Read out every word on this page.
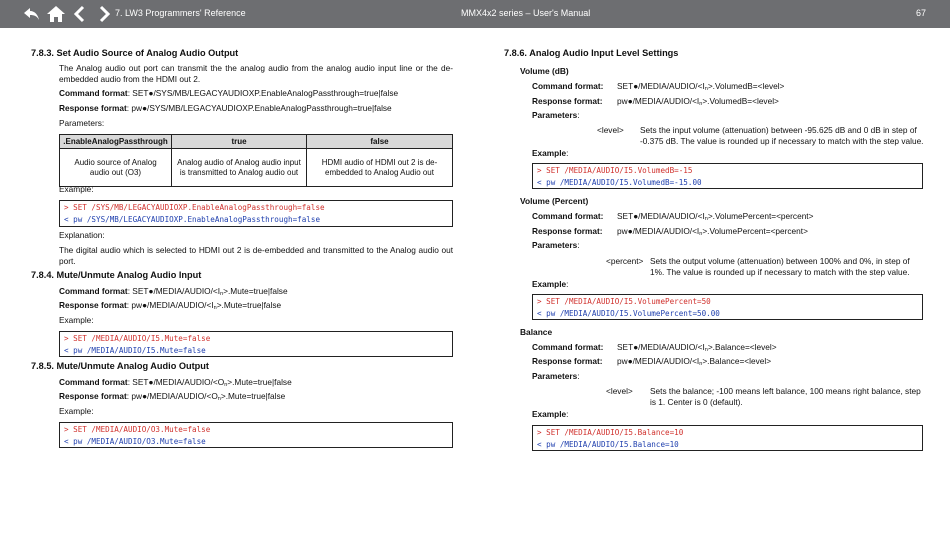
7. LW3 Programmers' Reference	MMX4x2 series – User's Manual	67
7.8.3. Set Audio Source of Analog Audio Output
The Analog audio out port can transmit the the analog audio from the analog audio input line or the de-embedded audio from the HDMI out 2.
Command format: SET●/SYS/MB/LEGACYAUDIOXP.EnableAnalogPassthrough=true|false
Response format: pw●/SYS/MB/LEGACYAUDIOXP.EnableAnalogPassthrough=true|false
Parameters:
.EnableAnalogPassthrough	true	false
Audio source of Analog audio out (O3)	Analog audio of Analog audio input is transmitted to Analog audio out	HDMI audio of HDMI out 2 is de-embedded to Analog Audio out
Example:
> SET /SYS/MB/LEGACYAUDIOXP.EnableAnalogPassthrough=false
< pw /SYS/MB/LEGACYAUDIOXP.EnableAnalogPassthrough=false
Explanation:
The digital audio which is selected to HDMI out 2 is de-embedded and transmitted to the Analog audio out port.
7.8.4. Mute/Unmute Analog Audio Input
Command format: SET●/MEDIA/AUDIO/<In>.Mute=true|false
Response format: pw●/MEDIA/AUDIO/<In>.Mute=true|false
Example:
> SET /MEDIA/AUDIO/I5.Mute=false
< pw /MEDIA/AUDIO/I5.Mute=false
7.8.5. Mute/Unmute Analog Audio Output
Command format: SET●/MEDIA/AUDIO/<On>.Mute=true|false
Response format: pw●/MEDIA/AUDIO/<On>.Mute=true|false
Example:
> SET /MEDIA/AUDIO/O3.Mute=false
< pw /MEDIA/AUDIO/O3.Mute=false
7.8.6. Analog Audio Input Level Settings
Volume (dB)
Command format: SET●/MEDIA/AUDIO/<In>.VolumedB=<level>
Response format: pw●/MEDIA/AUDIO/<In>.VolumedB=<level>
Parameters:
<level> Sets the input volume (attenuation) between -95.625 dB and 0 dB in step of -0.375 dB. The value is rounded up if necessary to match with the step value.
Example:
> SET /MEDIA/AUDIO/I5.VolumedB=-15
< pw /MEDIA/AUDIO/I5.VolumedB=-15.00
Volume (Percent)
Command format: SET●/MEDIA/AUDIO/<In>.VolumePercent=<percent>
Response format: pw●/MEDIA/AUDIO/<In>.VolumePercent=<percent>
Parameters:
<percent> Sets the output volume (attenuation) between 100% and 0%, in step of 1%. The value is rounded up if necessary to match with the step value.
Example:
> SET /MEDIA/AUDIO/I5.VolumePercent=50
< pw /MEDIA/AUDIO/I5.VolumePercent=50.00
Balance
Command format: SET●/MEDIA/AUDIO/<In>.Balance=<level>
Response format: pw●/MEDIA/AUDIO/<In>.Balance=<level>
Parameters:
<level> Sets the balance; -100 means left balance, 100 means right balance, step is 1. Center is 0 (default).
Example:
> SET /MEDIA/AUDIO/I5.Balance=10
< pw /MEDIA/AUDIO/I5.Balance=10
